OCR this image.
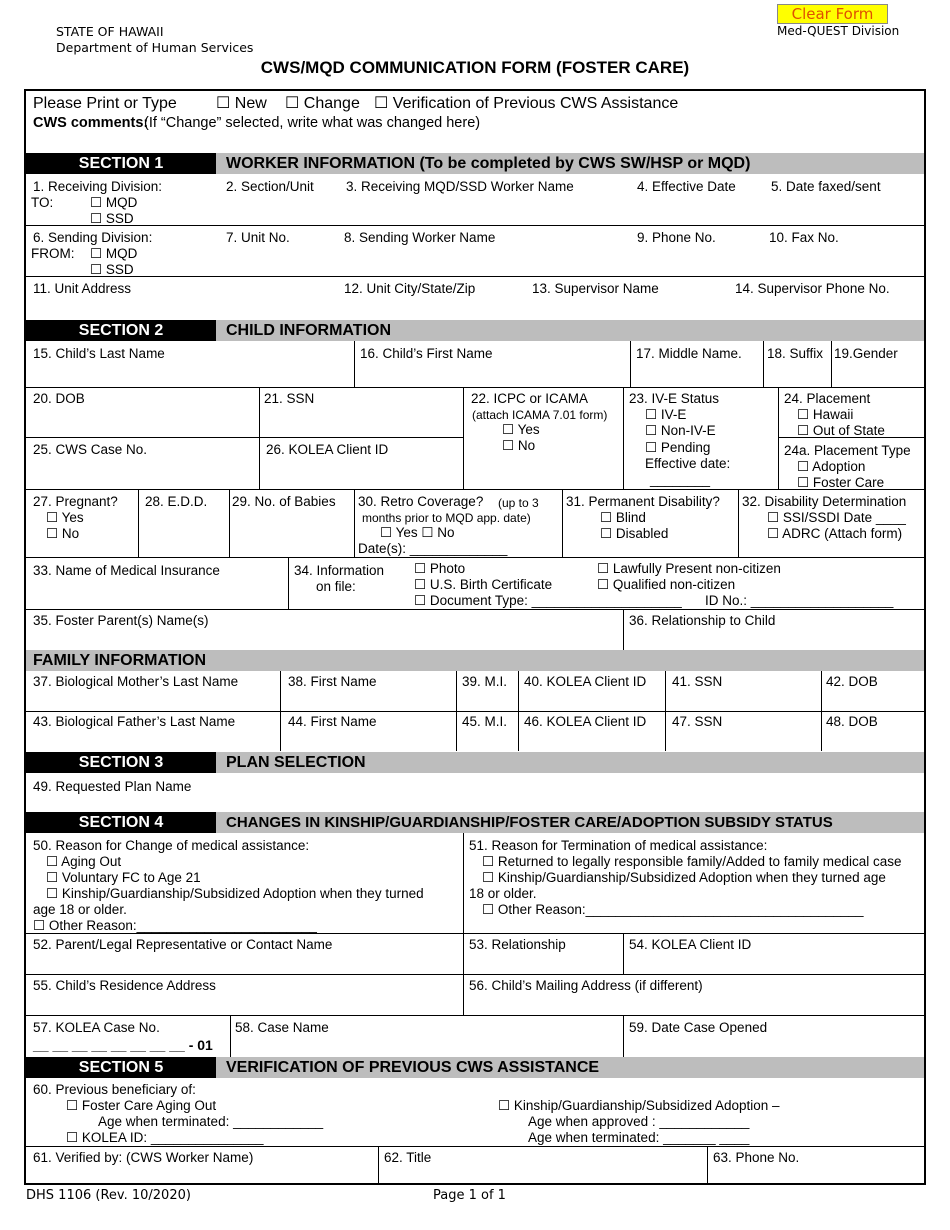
STATE OF HAWAII
Department of Human Services
Clear Form
Med-QUEST Division
CWS/MQD COMMUNICATION FORM (FOSTER CARE)
Please Print or Type ☐ New ☐ Change ☐ Verification of Previous CWS Assistance
CWS comments:
(If “Change” selected, write what was changed here)
SECTION 1	WORKER INFORMATION (To be completed by CWS SW/HSP or MQD)
1. Receiving Division:
TO:	☐ MQD
☐ SSD
2. Section/Unit 3. Receiving MQD/SSD Worker Name	4. Effective Date	5. Date faxed/sent
6. Sending Division:
FROM: ☐ MQD
☐ SSD
7. Unit No.	8. Sending Worker Name	9. Phone No.	10. Fax No.
11. Unit Address	12. Unit City/State/Zip	13. Supervisor Name	14. Supervisor Phone No.
SECTION 2	CHILD INFORMATION
15. Child’s Last Name	16. Child’s First Name	17. Middle Name. 18. Suffix 19.Gender
20. DOB	21. SSN	22. ICPC or ICAMA
(attach ICAMA 7.01 form)
☐ Yes
☐ No
23. IV-E Status
☐ IV-E
☐ Non-IV-E
☐ Pending
Effective date:
________
24. Placement
☐ Hawaii
☐ Out of State
25. CWS Case No.	26. KOLEA Client ID	24a. Placement Type
☐ Adoption
☐ Foster Care
27. Pregnant?
☐ Yes
☐ No
28. E.D.D. 29. No. of Babies 30. Retro Coverage? (up to 3
months prior to MQD app. date)
☐ Yes ☐ No
Date(s): _____________
31. Permanent Disability?
☐ Blind
☐ Disabled
32. Disability Determination
☐ SSI/SSDI Date ____
☐ ADRC (Attach form)
33. Name of Medical Insurance	34. Information
on file:
☐ Photo
☐ U.S. Birth Certificate
☐ Document Type: ____________________
☐ Lawfully Present non-citizen
☐ Qualified non-citizen
ID No.: ___________________
35. Foster Parent(s) Name(s)	36. Relationship to Child
FAMILY INFORMATION
37. Biological Mother’s Last Name	38. First Name	39. M.I. 40. KOLEA Client ID 41. SSN	42. DOB
43. Biological Father’s Last Name	44. First Name	45. M.I. 46. KOLEA Client ID 47. SSN	48. DOB
SECTION 3	PLAN SELECTION
49. Requested Plan Name
SECTION 4	CHANGES IN KINSHIP/GUARDIANSHIP/FOSTER CARE/ADOPTION SUBSIDY STATUS
50. Reason for Change of medical assistance:
☐ Aging Out
☐ Voluntary FC to Age 21
☐ Kinship/Guardianship/Subsidized Adoption when they turned
age 18 or older.
☐ Other Reason:________________________
51. Reason for Termination of medical assistance:
☐ Returned to legally responsible family/Added to family medical case
☐ Kinship/Guardianship/Subsidized Adoption when they turned age
18 or older.
☐ Other Reason:_____________________________________
52. Parent/Legal Representative or Contact Name	53. Relationship	54. KOLEA Client ID
55. Child’s Residence Address	56. Child’s Mailing Address (if different)
57. KOLEA Case No.
__ __ __ __ __ __ __ __ - 01
58. Case Name	59. Date Case Opened
SECTION 5	VERIFICATION OF PREVIOUS CWS ASSISTANCE
60. Previous beneficiary of:
☐ Foster Care Aging Out
Age when terminated: ____________
☐ KOLEA ID: _______________
☐ Kinship/Guardianship/Subsidized Adoption –
Age when approved : ____________
Age when terminated: _______ ____
61. Verified by: (CWS Worker Name)	62. Title	63. Phone No.
DHS 1106 (Rev. 10/2020)	Page 1 of 1
